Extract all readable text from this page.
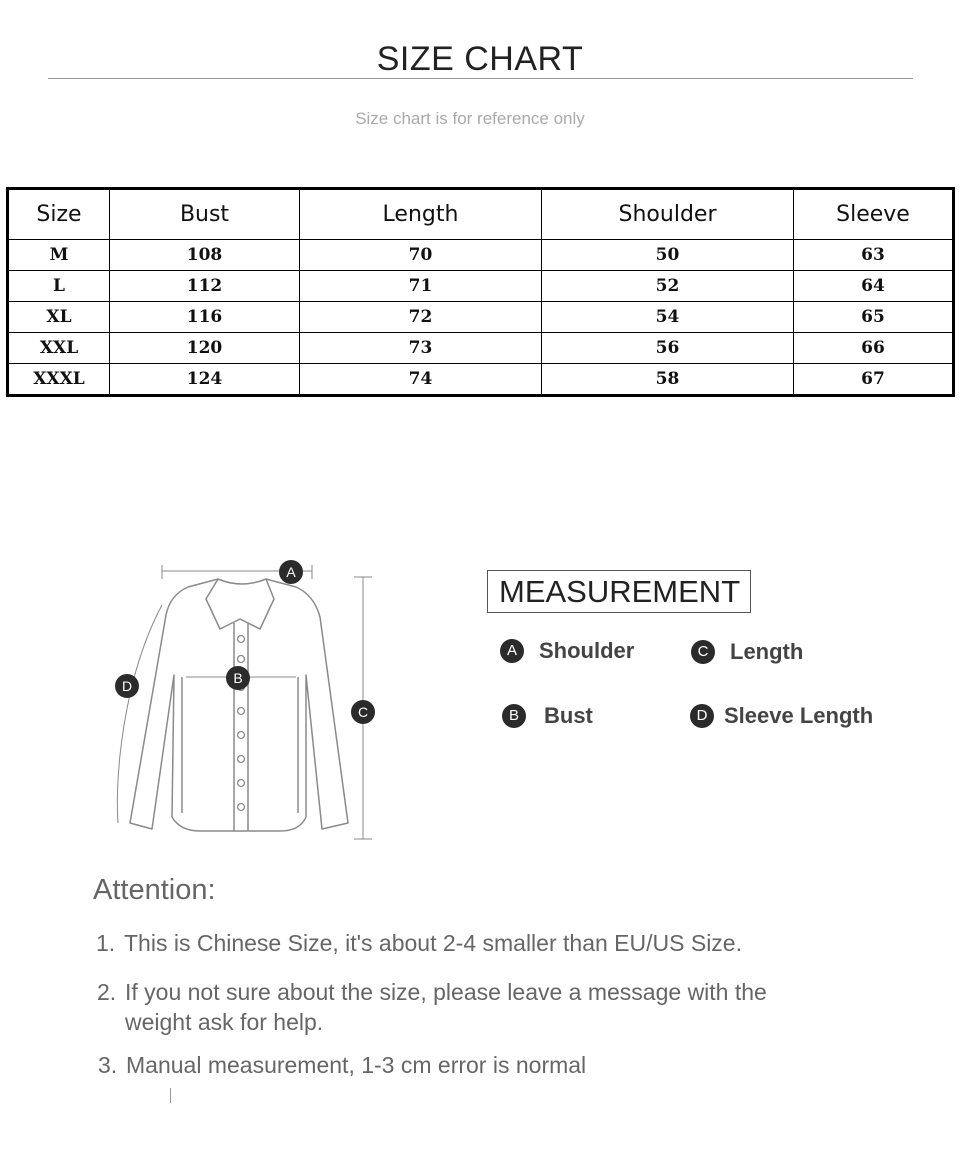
SIZE CHART
Size chart is for reference only
Size	Bust	Length	Shoulder	Sleeve
M	108	70	50	63
L	112	71	52	64
XL	116	72	54	65
XXL	120	73	56	66
XXXL	124	74	58	67
A
B
C
D
MEASUREMENT
A	Shoulder	C Length
B	Bust	D Sleeve Length
Attention:
1. This is Chinese Size, it's about 2-4 smaller than EU/US Size.
2. If you not sure about the size, please leave a message with the
weight ask for help.
3. Manual measurement, 1-3 cm error is normal
